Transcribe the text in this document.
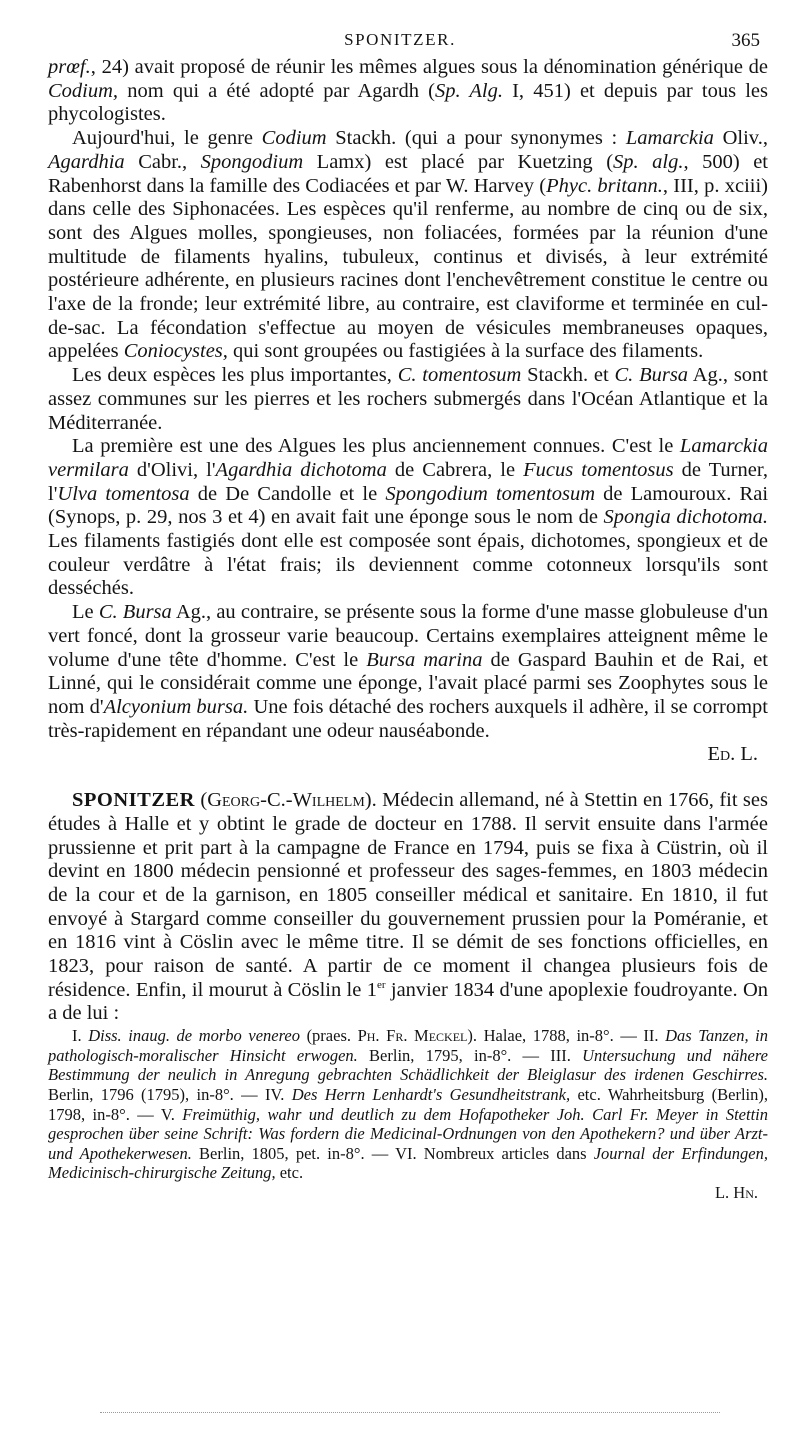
SPONITZER.	365

prœf., 24) avait proposé de réunir les mêmes algues sous la dénomination générique de Codium, nom qui a été adopté par Agardh (Sp. Alg. I, 451) et depuis par tous les phycologistes.

Aujourd'hui, le genre Codium Stackh. (qui a pour synonymes : Lamarckia Oliv., Agardhia Cabr., Spongodium Lamx) est placé par Kuetzing (Sp. alg., 500) et Rabenhorst dans la famille des Codiacées et par W. Harvey (Phyc. britann., III, p. xciii) dans celle des Siphonacées. Les espèces qu'il renferme, au nombre de cinq ou de six, sont des Algues molles, spongieuses, non foliacées, formées par la réunion d'une multitude de filaments hyalins, tubuleux, continus et divisés, à leur extrémité postérieure adhérente, en plusieurs racines dont l'enchevêtrement constitue le centre ou l'axe de la fronde; leur extrémité libre, au contraire, est claviforme et terminée en cul-de-sac. La fécondation s'effectue au moyen de vésicules membraneuses opaques, appelées Coniocystes, qui sont groupées ou fastigiées à la surface des filaments.

Les deux espèces les plus importantes, C. tomentosum Stackh. et C. Bursa Ag., sont assez communes sur les pierres et les rochers submergés dans l'Océan Atlantique et la Méditerranée.

La première est une des Algues les plus anciennement connues. C'est le Lamarckia vermilara d'Olivi, l'Agardhia dichotoma de Cabrera, le Fucus tomentosus de Turner, l'Ulva tomentosa de De Candolle et le Spongodium tomentosum de Lamouroux. Rai (Synops, p. 29, nos 3 et 4) en avait fait une éponge sous le nom de Spongia dichotoma. Les filaments fastigiés dont elle est composée sont épais, dichotomes, spongieux et de couleur verdâtre à l'état frais; ils deviennent comme cotonneux lorsqu'ils sont desséchés.

Le C. Bursa Ag., au contraire, se présente sous la forme d'une masse globuleuse d'un vert foncé, dont la grosseur varie beaucoup. Certains exemplaires atteignent même le volume d'une tête d'homme. C'est le Bursa marina de Gaspard Bauhin et de Rai, et Linné, qui le considérait comme une éponge, l'avait placé parmi ses Zoophytes sous le nom d'Alcyonium bursa. Une fois détaché des rochers auxquels il adhère, il se corrompt très-rapidement en répandant une odeur nauséabonde.

Ed. L.

SPONITZER (Georg-C.-Wilhelm). Médecin allemand, né à Stettin en 1766, fit ses études à Halle et y obtint le grade de docteur en 1788. Il servit ensuite dans l'armée prussienne et prit part à la campagne de France en 1794, puis se fixa à Cüstrin, où il devint en 1800 médecin pensionné et professeur des sages-femmes, en 1803 médecin de la cour et de la garnison, en 1805 conseiller médical et sanitaire. En 1810, il fut envoyé à Stargard comme conseiller du gouvernement prussien pour la Poméranie, et en 1816 vint à Cöslin avec le même titre. Il se démit de ses fonctions officielles, en 1823, pour raison de santé. A partir de ce moment il changea plusieurs fois de résidence. Enfin, il mourut à Cöslin le 1er janvier 1834 d'une apoplexie foudroyante. On a de lui :

I. Diss. inaug. de morbo venereo (praes. Ph. Fr. Meckel). Halae, 1788, in-8°. — II. Das Tanzen, in pathologisch-moralischer Hinsicht erwogen. Berlin, 1795, in-8°. — III. Untersuchung und nähere Bestimmung der neulich in Anregung gebrachten Schädlichkeit der Bleiglasur des irdenen Geschirres. Berlin, 1796 (1795), in-8°. — IV. Des Herrn Lenhardt's Gesundheitstrank, etc. Wahrheitsburg (Berlin), 1798, in-8°. — V. Freimüthig, wahr und deutlich zu dem Hofapotheker Joh. Carl Fr. Meyer in Stettin gesprochen über seine Schrift: Was fordern die Medicinal-Ordnungen von den Apothekern? und über Arzt- und Apothekerwesen. Berlin, 1805, pet. in-8°. — VI. Nombreux articles dans Journal der Erfindungen, Medicinisch-chirurgische Zeitung, etc.

L. Hn.
